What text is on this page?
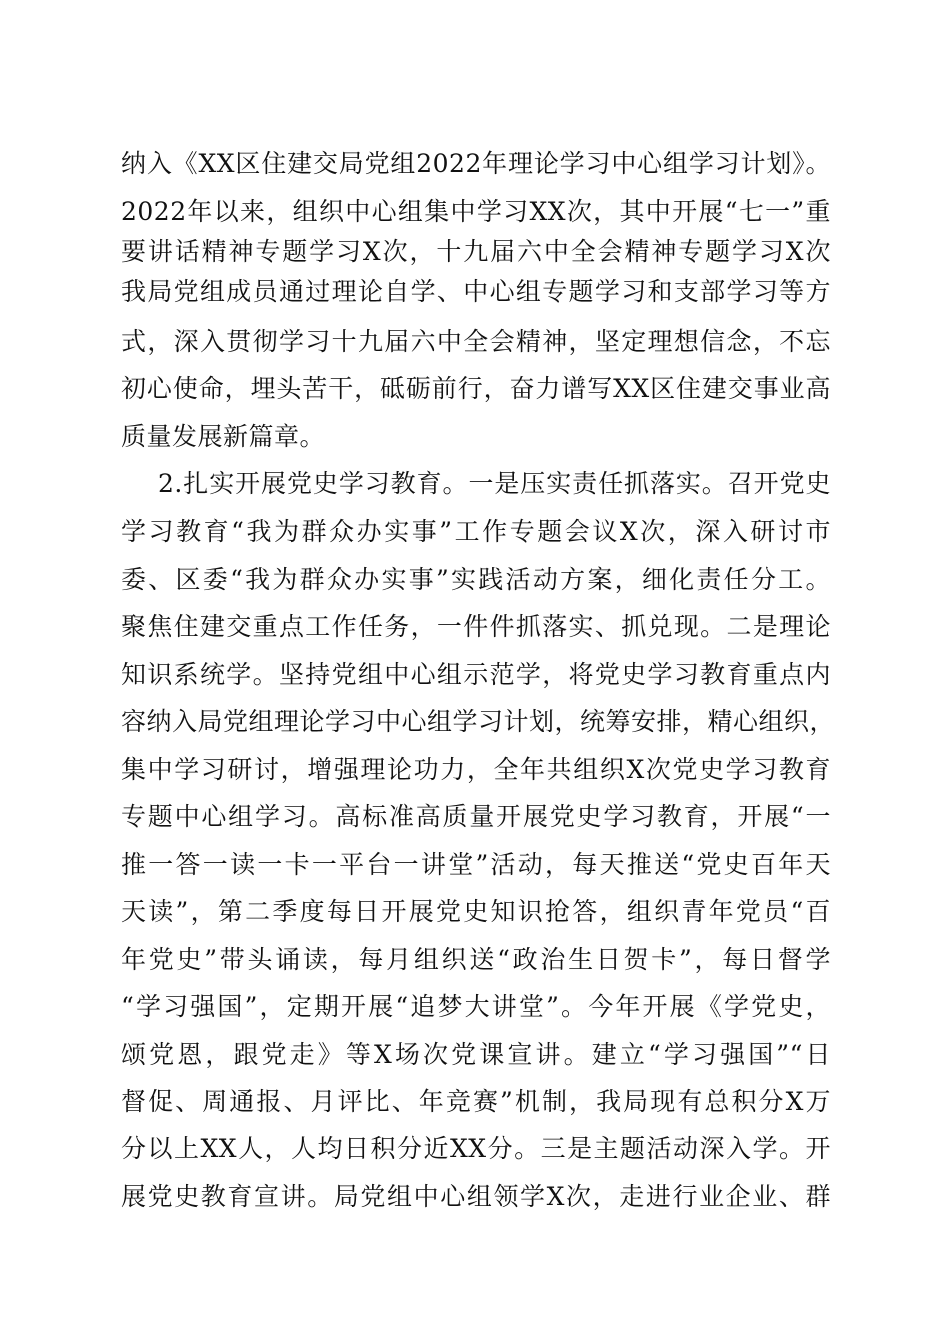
纳入《XX区住建交局党组2022年理论学习中心组学习计划》。
2022年以来，组织中心组集中学习XX次，其中开展“七一”重
要讲话精神专题学习X次，十九届六中全会精神专题学习X次
我局党组成员通过理论自学、中心组专题学习和支部学习等方
式，深入贯彻学习十九届六中全会精神，坚定理想信念，不忘
初心使命，埋头苦干，砥砺前行，奋力谱写XX区住建交事业高
质量发展新篇章。
2.扎实开展党史学习教育。一是压实责任抓落实。召开党史
学习教育“我为群众办实事”工作专题会议X次，深入研讨市
委、区委“我为群众办实事”实践活动方案，细化责任分工。
聚焦住建交重点工作任务，一件件抓落实、抓兑现。二是理论
知识系统学。坚持党组中心组示范学，将党史学习教育重点内
容纳入局党组理论学习中心组学习计划，统筹安排，精心组织，
集中学习研讨，增强理论功力，全年共组织X次党史学习教育
专题中心组学习。高标准高质量开展党史学习教育，开展“一
推一答一读一卡一平台一讲堂”活动，每天推送“党史百年天
天读”，第二季度每日开展党史知识抢答，组织青年党员“百
年党史”带头诵读，每月组织送“政治生日贺卡”，每日督学
“学习强国”，定期开展“追梦大讲堂”。今年开展《学党史，
颂党恩，跟党走》等X场次党课宣讲。建立“学习强国”“日
督促、周通报、月评比、年竞赛”机制，我局现有总积分X万
分以上XX人，人均日积分近XX分。三是主题活动深入学。开
展党史教育宣讲。局党组中心组领学X次，走进行业企业、群
